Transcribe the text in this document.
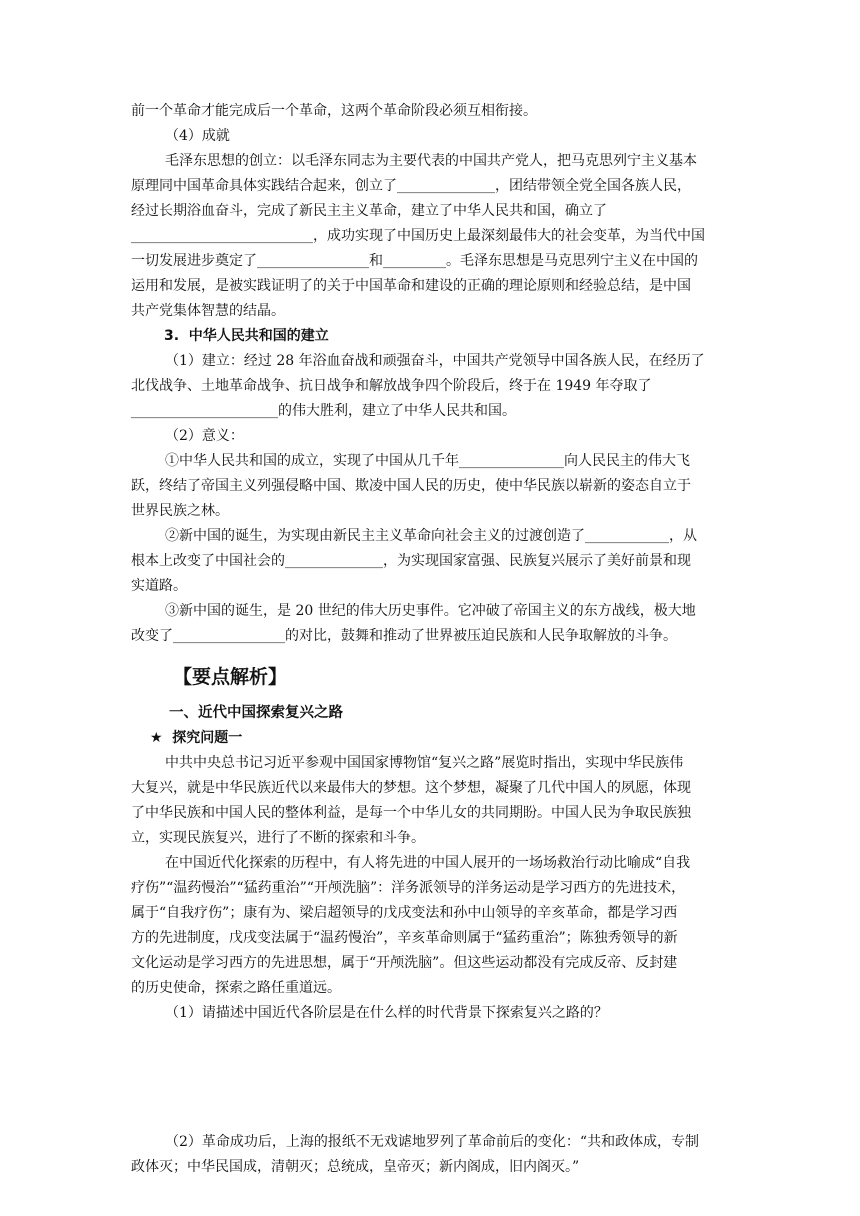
前一个革命才能完成后一个革命，这两个革命阶段必须互相衔接。
（4）成就
毛泽东思想的创立：以毛泽东同志为主要代表的中国共产党人，把马克思列宁主义基本
原理同中国革命具体实践结合起来，创立了______________，团结带领全党全国各族人民，
经过长期浴血奋斗，完成了新民主主义革命，建立了中华人民共和国，确立了
__________________________，成功实现了中国历史上最深刻最伟大的社会变革，为当代中国
一切发展进步奠定了________________和_________。毛泽东思想是马克思列宁主义在中国的
运用和发展，是被实践证明了的关于中国革命和建设的正确的理论原则和经验总结，是中国
共产党集体智慧的结晶。
3.  中华人民共和国的建立
（1）建立：经过 28 年浴血奋战和顽强奋斗，中国共产党领导中国各族人民，在经历了
北伐战争、土地革命战争、抗日战争和解放战争四个阶段后，终于在 1949 年夺取了
_____________________的伟大胜利，建立了中华人民共和国。
（2）意义：
①中华人民共和国的成立，实现了中国从几千年_______________向人民民主的伟大飞
跃，终结了帝国主义列强侵略中国、欺凌中国人民的历史，使中华民族以崭新的姿态自立于
世界民族之林。
②新中国的诞生，为实现由新民主主义革命向社会主义的过渡创造了____________，从
根本上改变了中国社会的______________，为实现国家富强、民族复兴展示了美好前景和现
实道路。
③新中国的诞生，是 20 世纪的伟大历史事件。它冲破了帝国主义的东方战线，极大地
改变了________________的对比，鼓舞和推动了世界被压迫民族和人民争取解放的斗争。
【要点解析】
一、近代中国探索复兴之路
★  探究问题一
中共中央总书记习近平参观中国国家博物馆“复兴之路”展览时指出，实现中华民族伟
大复兴，就是中华民族近代以来最伟大的梦想。这个梦想，凝聚了几代中国人的夙愿，体现
了中华民族和中国人民的整体利益，是每一个中华儿女的共同期盼。中国人民为争取民族独
立，实现民族复兴，进行了不断的探索和斗争。
在中国近代化探索的历程中，有人将先进的中国人展开的一场场救治行动比喻成“自我
疗伤”“温药慢治”“猛药重治”“开颅洗脑”：洋务派领导的洋务运动是学习西方的先进技术，
属于“自我疗伤”；康有为、梁启超领导的戊戌变法和孙中山领导的辛亥革命，都是学习西
方的先进制度，戊戌变法属于“温药慢治”，辛亥革命则属于“猛药重治”；陈独秀领导的新
文化运动是学习西方的先进思想，属于“开颅洗脑”。但这些运动都没有完成反帝、反封建
的历史使命，探索之路任重道远。
（1）请描述中国近代各阶层是在什么样的时代背景下探索复兴之路的？
（2）革命成功后，上海的报纸不无戏谑地罗列了革命前后的变化：“共和政体成，专制
政体灭；中华民国成，清朝灭；总统成，皇帝灭；新内阁成，旧内阁灭。”
